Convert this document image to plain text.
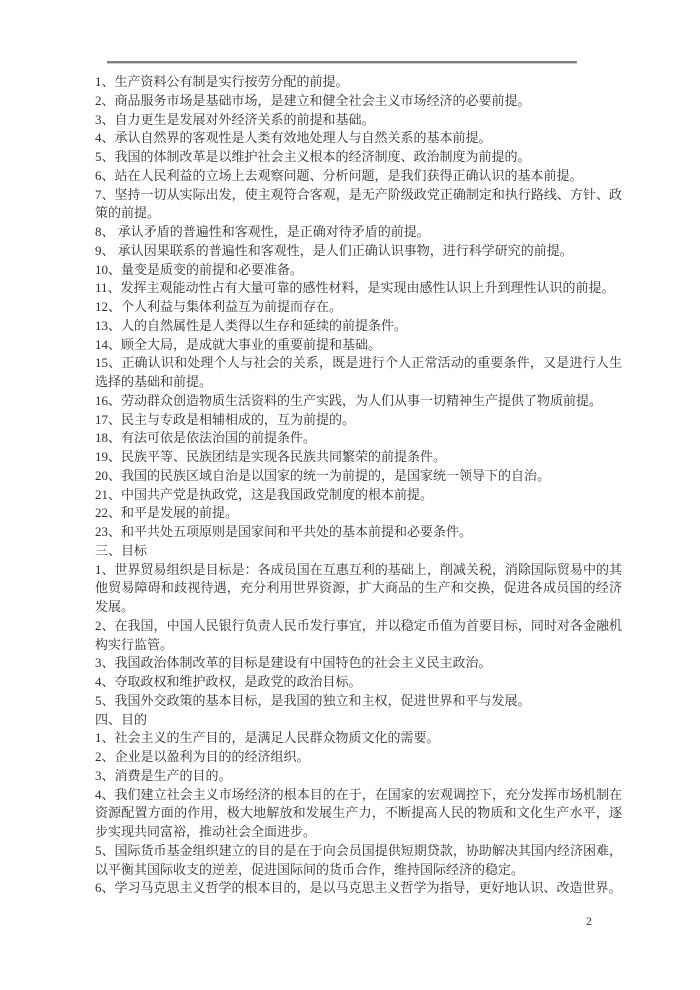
1、生产资料公有制是实行按劳分配的前提。

2、商品服务市场是基础市场，是建立和健全社会主义市场经济的必要前提。

3、自力更生是发展对外经济关系的前提和基础。

4、承认自然界的客观性是人类有效地处理人与自然关系的基本前提。

5、我国的体制改革是以维护社会主义根本的经济制度、政治制度为前提的。

6、站在人民利益的立场上去观察问题、分析问题，是我们获得正确认识的基本前提。

7、坚持一切从实际出发，使主观符合客观，是无产阶级政党正确制定和执行路线、方针、政策的前提。

8、 承认矛盾的普遍性和客观性，是正确对待矛盾的前提。

9、 承认因果联系的普遍性和客观性，是人们正确认识事物，进行科学研究的前提。

10、量变是质变的前提和必要准备。

11、发挥主观能动性占有大量可靠的感性材料，是实现由感性认识上升到理性认识的前提。

12、个人利益与集体利益互为前提而存在。

13、人的自然属性是人类得以生存和延续的前提条件。

14、顾全大局，是成就大事业的重要前提和基础。

15、正确认识和处理个人与社会的关系，既是进行个人正常活动的重要条件，又是进行人生选择的基础和前提。

16、劳动群众创造物质生活资料的生产实践，为人们从事一切精神生产提供了物质前提。

17、民主与专政是相辅相成的，互为前提的。

18、有法可依是依法治国的前提条件。

19、民族平等、民族团结是实现各民族共同繁荣的前提条件。

20、我国的民族区域自治是以国家的统一为前提的，是国家统一领导下的自治。

21、中国共产党是执政党，这是我国政党制度的根本前提。

22、和平是发展的前提。

23、和平共处五项原则是国家间和平共处的基本前提和必要条件。

三、目标

1、世界贸易组织是目标是：各成员国在互惠互利的基础上，削减关税，消除国际贸易中的其他贸易障碍和歧视待遇，充分利用世界资源，扩大商品的生产和交换，促进各成员国的经济发展。

2、在我国，中国人民银行负责人民币发行事宜，并以稳定币值为首要目标，同时对各金融机构实行监管。

3、我国政治体制改革的目标是建设有中国特色的社会主义民主政治。

4、夺取政权和维护政权，是政党的政治目标。

5、我国外交政策的基本目标，是我国的独立和主权，促进世界和平与发展。

四、目的

1、社会主义的生产目的，是满足人民群众物质文化的需要。

2、企业是以盈利为目的的经济组织。

3、消费是生产的目的。

4、我们建立社会主义市场经济的根本目的在于，在国家的宏观调控下，充分发挥市场机制在资源配置方面的作用，极大地解放和发展生产力，不断提高人民的物质和文化生产水平，逐步实现共同富裕，推动社会全面进步。

5、国际货币基金组织建立的目的是在于向会员国提供短期贷款，协助解决其国内经济困难，以平衡其国际收支的逆差，促进国际间的货币合作，维持国际经济的稳定。

6、学习马克思主义哲学的根本目的，是以马克思主义哲学为指导，更好地认识、改造世界。

2
